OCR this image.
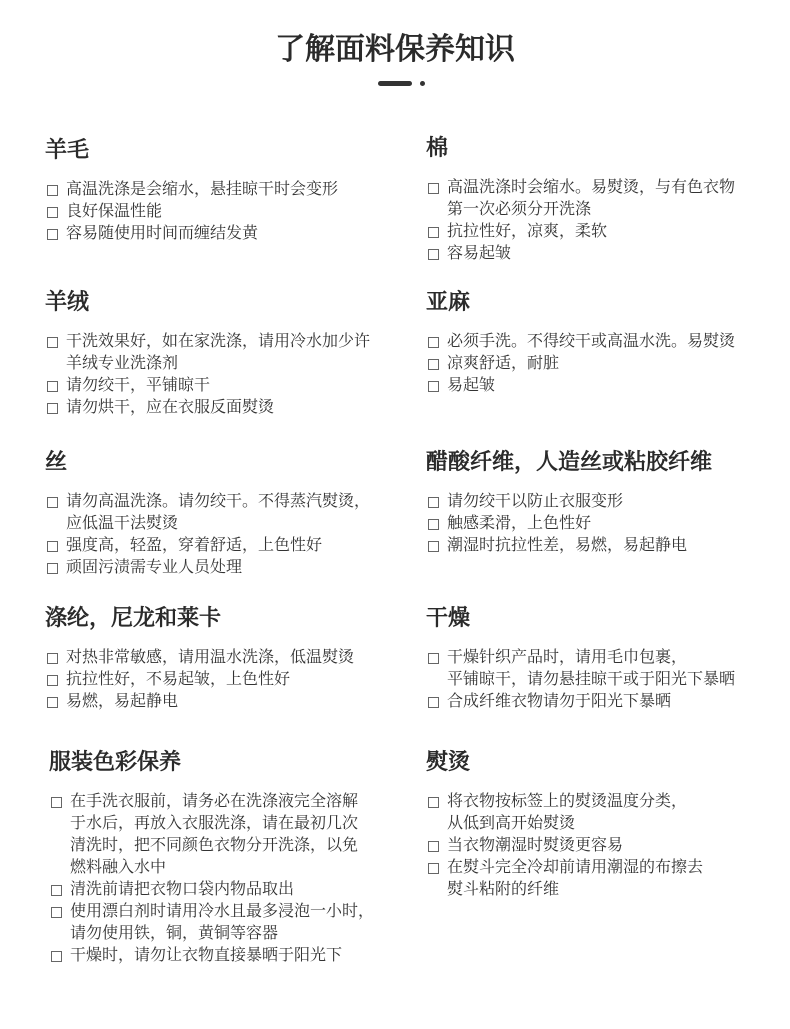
了解面料保养知识
羊毛
高温洗涤是会缩水，悬挂晾干时会变形
良好保温性能
容易随使用时间而缠结发黄
羊绒
干洗效果好，如在家洗涤，请用冷水加少许
羊绒专业洗涤剂
请勿绞干，平铺晾干
请勿烘干，应在衣服反面熨烫
丝
请勿高温洗涤。请勿绞干。不得蒸汽熨烫，
应低温干法熨烫
强度高，轻盈，穿着舒适，上色性好
顽固污渍需专业人员处理
涤纶，尼龙和莱卡
对热非常敏感，请用温水洗涤，低温熨烫
抗拉性好，不易起皱，上色性好
易燃，易起静电
服装色彩保养
在手洗衣服前，请务必在洗涤液完全溶解
于水后，再放入衣服洗涤，请在最初几次
清洗时，把不同颜色衣物分开洗涤，以免
燃料融入水中
清洗前请把衣物口袋内物品取出
使用漂白剂时请用冷水且最多浸泡一小时，
请勿使用铁，铜，黄铜等容器
干燥时，请勿让衣物直接暴晒于阳光下
棉
高温洗涤时会缩水。易熨烫，与有色衣物
第一次必须分开洗涤
抗拉性好，凉爽，柔软
容易起皱
亚麻
必须手洗。不得绞干或高温水洗。易熨烫
凉爽舒适，耐脏
易起皱
醋酸纤维，人造丝或粘胶纤维
请勿绞干以防止衣服变形
触感柔滑，上色性好
潮湿时抗拉性差，易燃，易起静电
干燥
干燥针织产品时，请用毛巾包裹，
平铺晾干，请勿悬挂晾干或于阳光下暴晒
合成纤维衣物请勿于阳光下暴晒
熨烫
将衣物按标签上的熨烫温度分类，
从低到高开始熨烫
当衣物潮湿时熨烫更容易
在熨斗完全冷却前请用潮湿的布擦去
熨斗粘附的纤维
